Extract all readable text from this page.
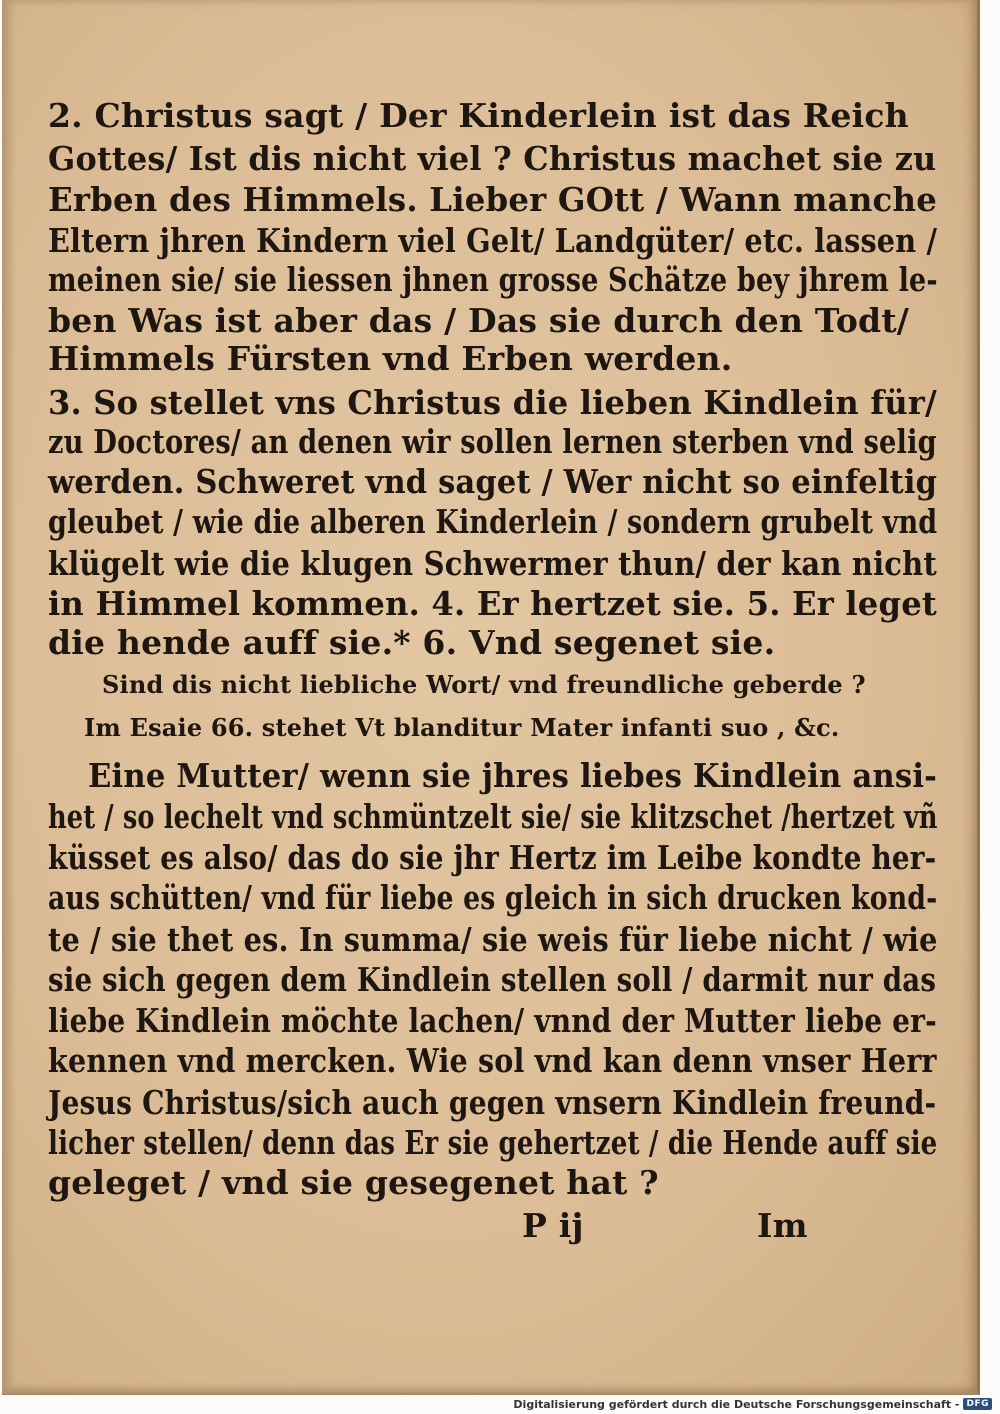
2. Christus sagt / Der Kinderlein ist das Reich

Gottes/ Ist dis nicht viel ? Christus machet sie zu

Erben des Himmels. Lieber GOtt / Wann manche

Eltern jhren Kindern viel Gelt/ Landgüter/ etc. lassen /

meinen sie/ sie liessen jhnen grosse Schätze bey jhrem le-

ben Was ist aber das / Das sie durch den Todt/

Himmels Fürsten vnd Erben werden.

3. So stellet vns Christus die lieben Kindlein für/

zu Doctores/ an denen wir sollen lernen sterben vnd selig

werden. Schweret vnd saget / Wer nicht so einfeltig

gleubet / wie die alberen Kinderlein / sondern grubelt vnd

klügelt wie die klugen Schwermer thun/ der kan nicht

in Himmel kommen. 4. Er hertzet sie. 5. Er leget

die hende auff sie.* 6. Vnd segenet sie.

Sind dis nicht liebliche Wort/ vnd freundliche geberde ?

Im Esaie 66. stehet Vt blanditur Mater infanti suo , &c.

Eine Mutter/ wenn sie jhres liebes Kindlein ansi-

het / so lechelt vnd schmüntzelt sie/ sie klitzschet /hertzet vñ

küsset es also/ das do sie jhr Hertz im Leibe kondte her-

aus schütten/ vnd für liebe es gleich in sich drucken kond-

te / sie thet es. In summa/ sie weis für liebe nicht / wie

sie sich gegen dem Kindlein stellen soll / darmit nur das

liebe Kindlein möchte lachen/ vnnd der Mutter liebe er-

kennen vnd mercken. Wie sol vnd kan denn vnser Herr

Jesus Christus/sich auch gegen vnsern Kindlein freund-

licher stellen/ denn das Er sie gehertzet / die Hende auff sie

geleget / vnd sie gesegenet hat ?

P ij	Im

Digitalisierung gefördert durch die Deutsche Forschungsgemeinschaft - DFG
